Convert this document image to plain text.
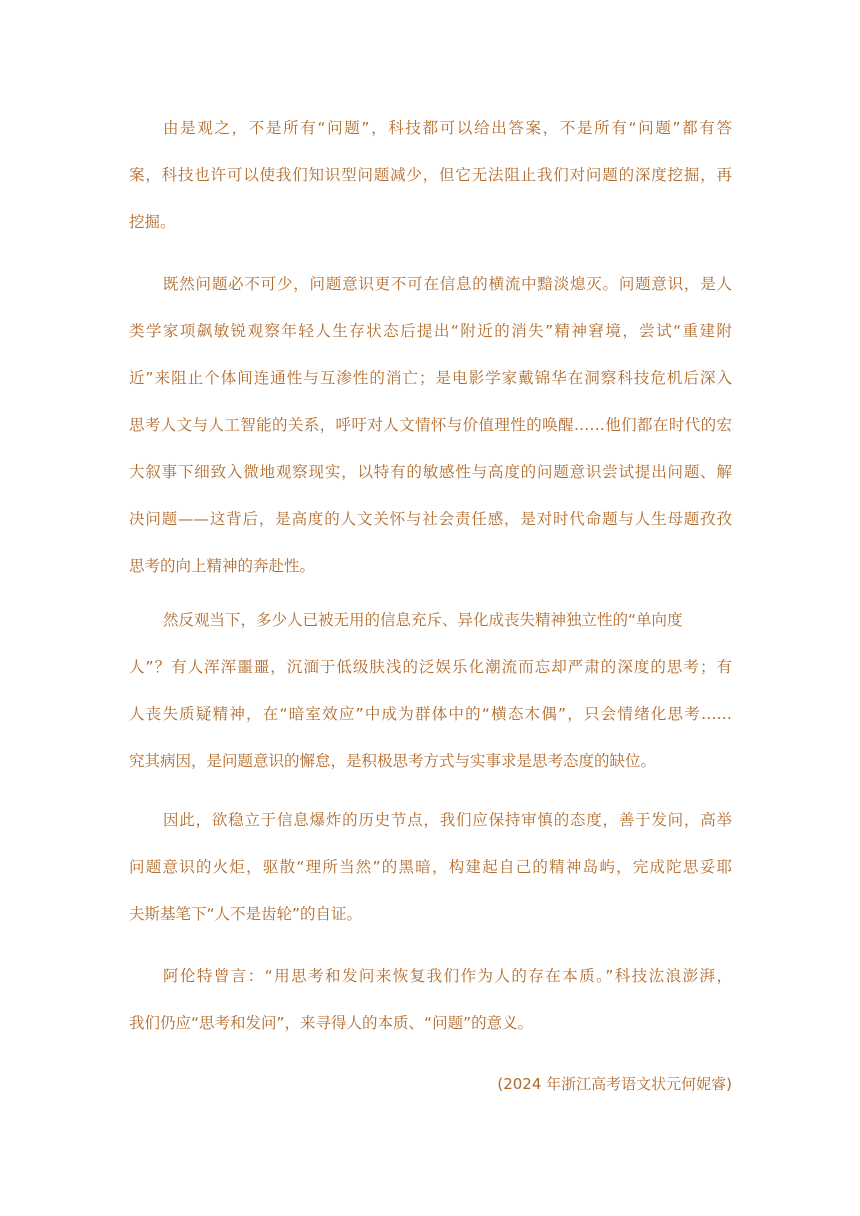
由是观之，不是所有“问题”，科技都可以给出答案，不是所有“问题”都有答
案，科技也许可以使我们知识型问题减少，但它无法阻止我们对问题的深度挖掘，再
挖掘。
既然问题必不可少，问题意识更不可在信息的横流中黯淡熄灭。问题意识，是人
类学家项飙敏锐观察年轻人生存状态后提出“附近的消失”精神窘境，尝试“重建附
近”来阻止个体间连通性与互渗性的消亡；是电影学家戴锦华在洞察科技危机后深入
思考人文与人工智能的关系，呼吁对人文情怀与价值理性的唤醒……他们都在时代的宏
大叙事下细致入微地观察现实，以特有的敏感性与高度的问题意识尝试提出问题、解
决问题——这背后，是高度的人文关怀与社会责任感，是对时代命题与人生母题孜孜
思考的向上精神的奔赴性。
然反观当下，多少人已被无用的信息充斥、异化成丧失精神独立性的“单向度
人”？有人浑浑噩噩，沉湎于低级肤浅的泛娱乐化潮流而忘却严肃的深度的思考；有
人丧失质疑精神，在“暗室效应”中成为群体中的“横态木偶”，只会情绪化思考……
究其病因，是问题意识的懈怠，是积极思考方式与实事求是思考态度的缺位。
因此，欲稳立于信息爆炸的历史节点，我们应保持审慎的态度，善于发问，高举
问题意识的火炬，驱散“理所当然”的黑暗，构建起自己的精神岛屿，完成陀思妥耶
夫斯基笔下“人不是齿轮”的自证。
阿伦特曾言：“用思考和发问来恢复我们作为人的存在本质。”科技汯浪澎湃，
我们仍应“思考和发问”，来寻得人的本质、“问题”的意义。
(2024 年浙江高考语文状元何妮睿)
